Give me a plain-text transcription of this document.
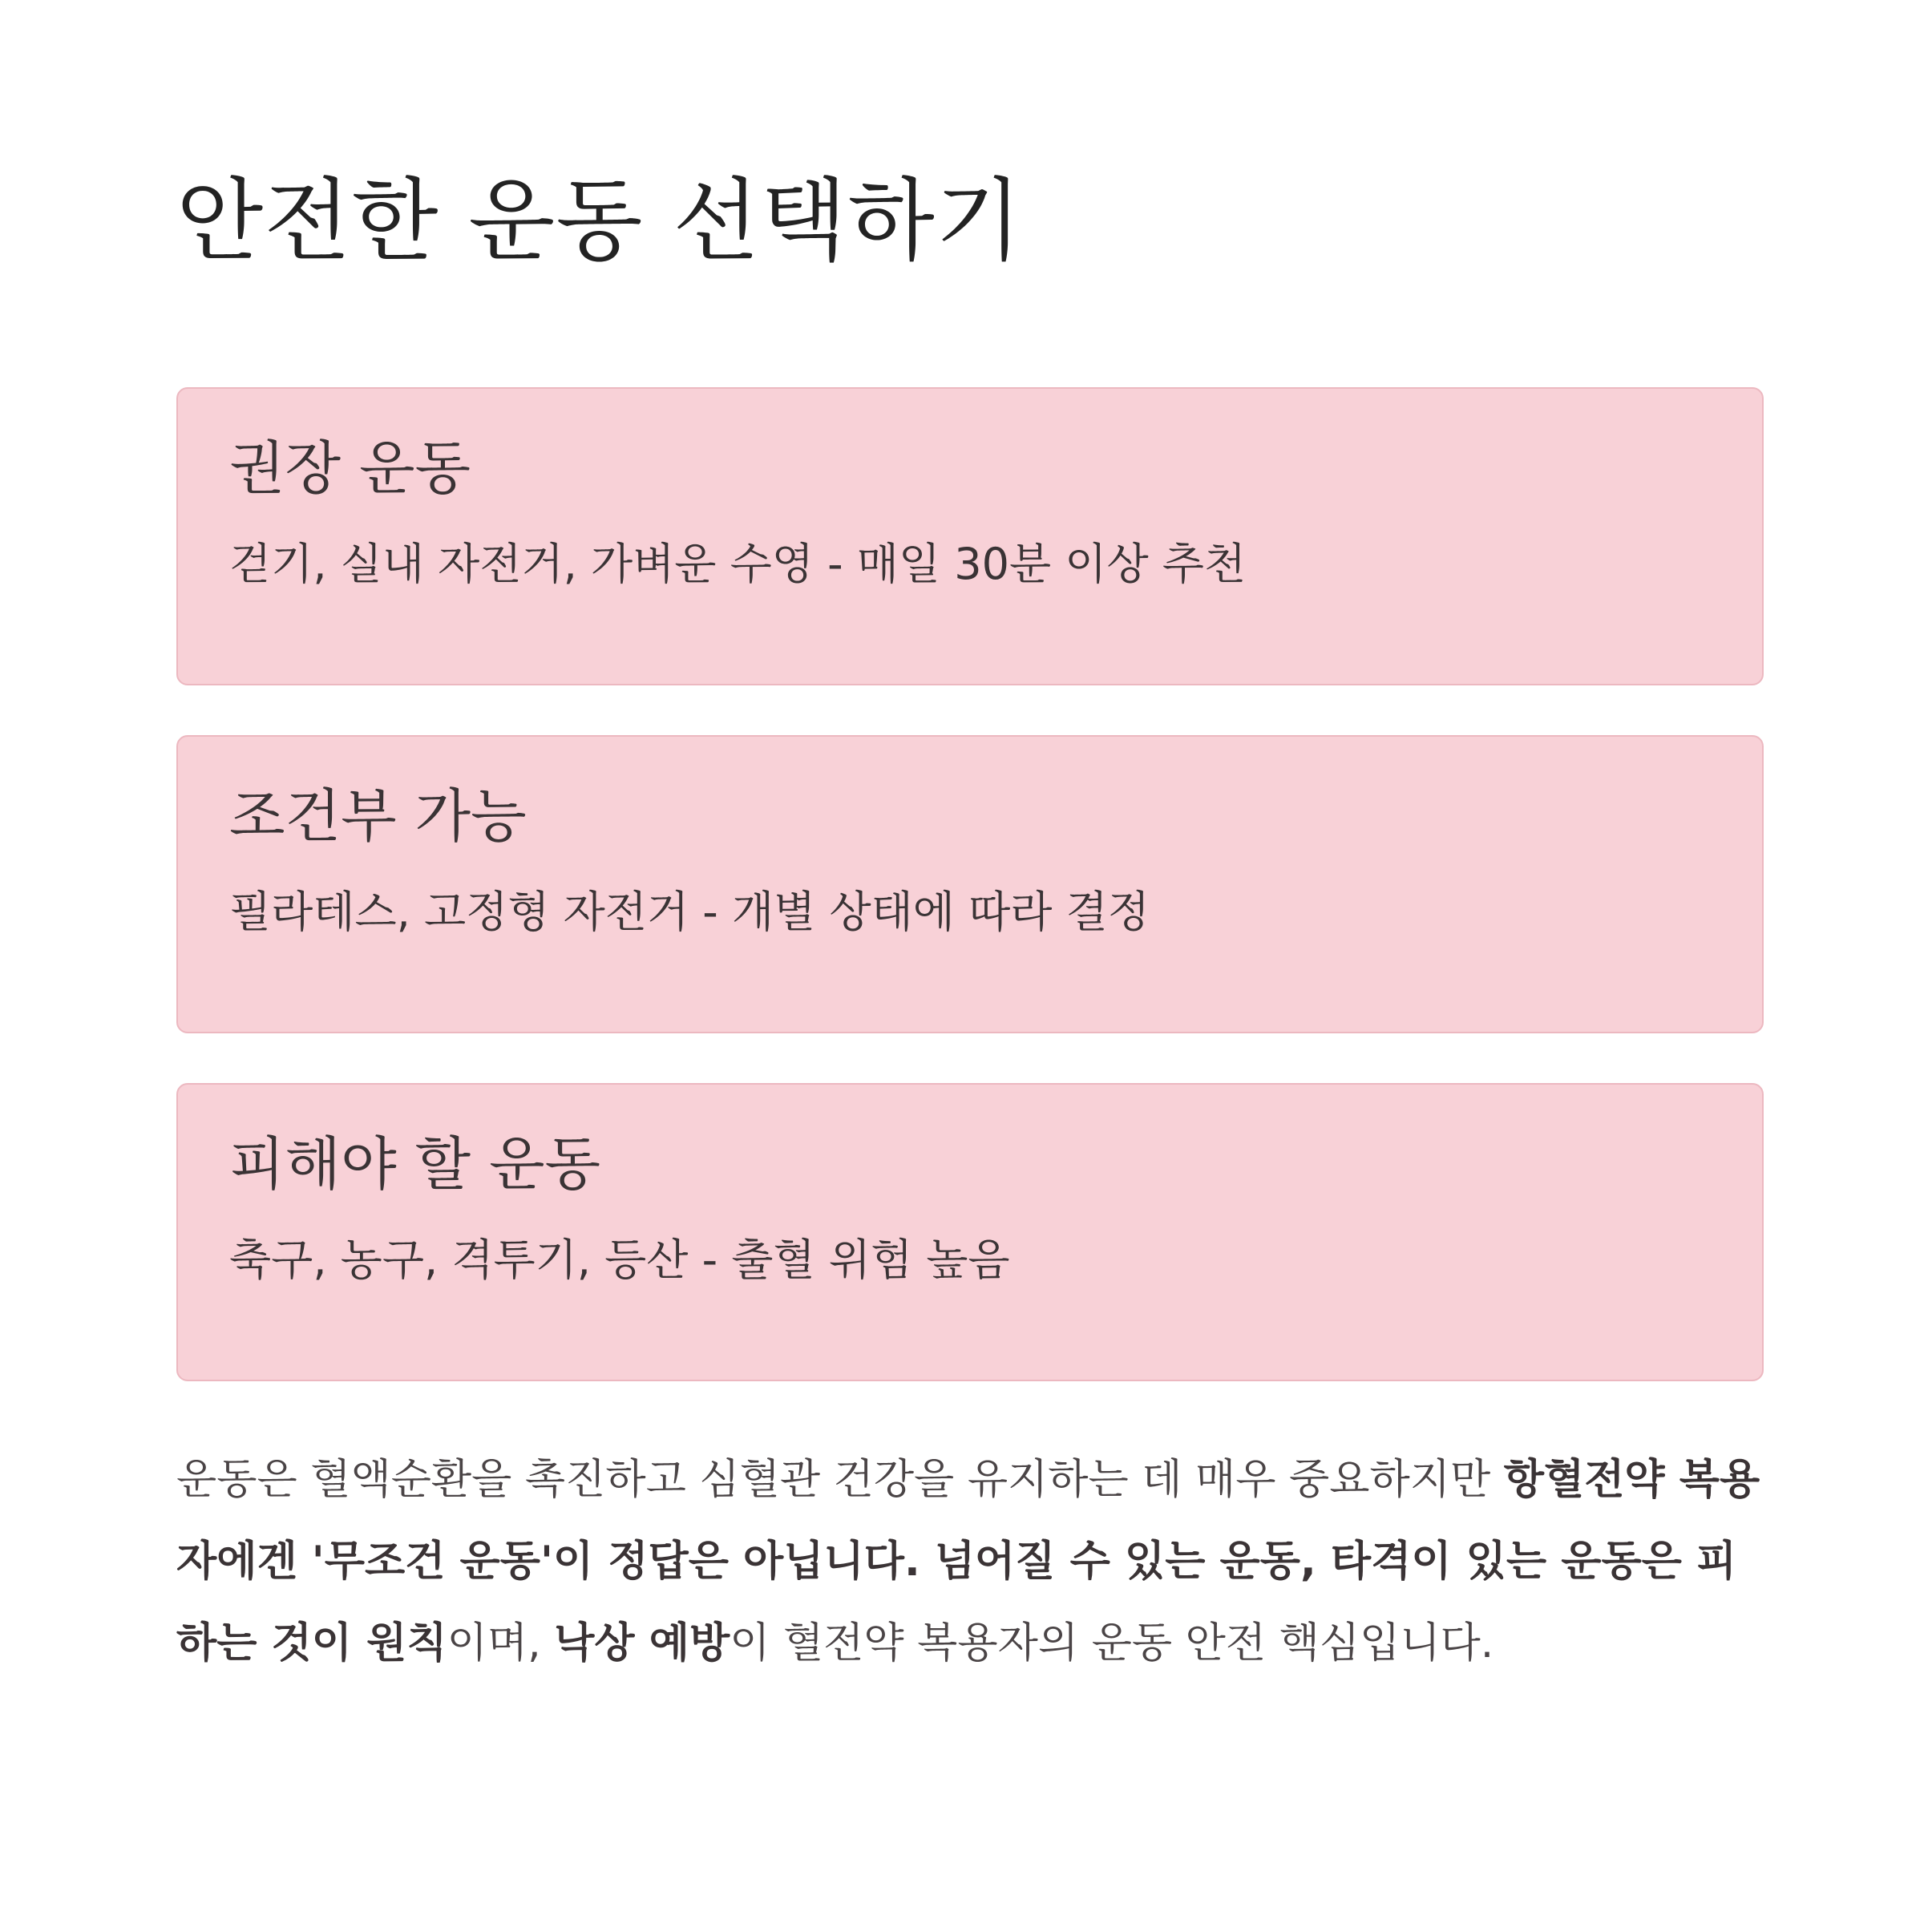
안전한 운동 선택하기
권장 운동

걷기, 실내 자전거, 가벼운 수영 - 매일 30분 이상 추천

조건부 가능

필라테스, 고정형 자전거 - 개별 상태에 따라 결정

피해야 할 운동

축구, 농구, 격투기, 등산 - 출혈 위험 높음

운동은 혈액순환을 촉진하고 심혈관 건강을 유지하는 데 매우 중요하지만 항혈전약 복용자에겐 '무조건 운동'이 정답은 아닙니다. 넘어질 수 있는 운동, 타격이 있는 운동은 피하는 것이 원칙이며, 낙상 예방이 혈전약 복용자의 운동 안전 핵심입니다.
